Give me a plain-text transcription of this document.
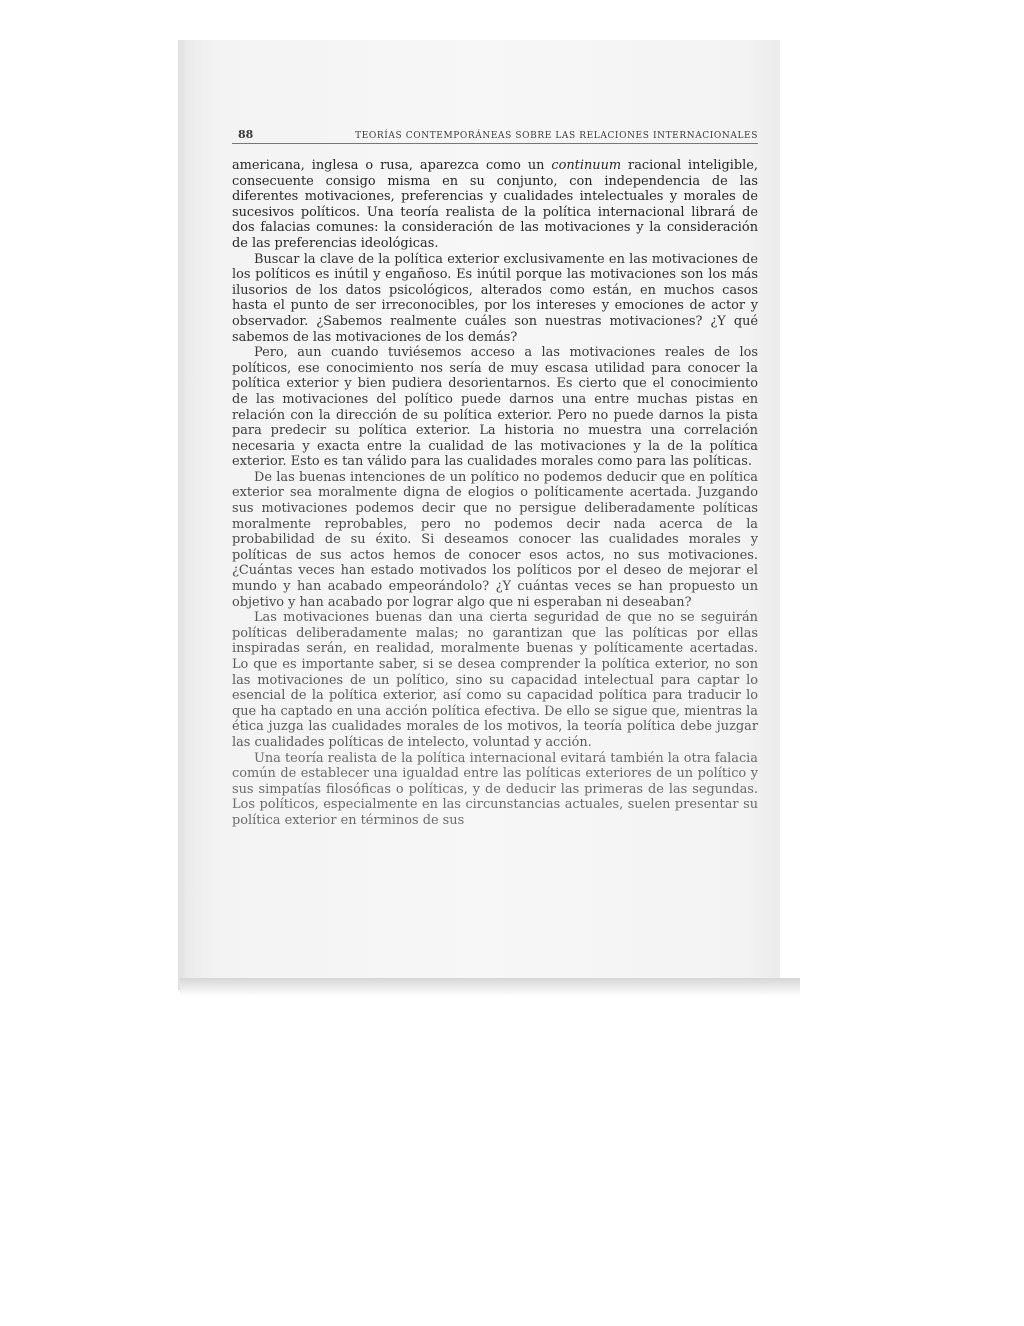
88	TEORÍAS CONTEMPORÁNEAS SOBRE LAS RELACIONES INTERNACIONALES

americana, inglesa o rusa, aparezca como un continuum racional inteligible, consecuente consigo misma en su conjunto, con independencia de las diferentes motivaciones, preferencias y cualidades intelectuales y morales de sucesivos políticos. Una teoría realista de la política internacional librará de dos falacias comunes: la consideración de las motivaciones y la consideración de las preferencias ideológicas.

Buscar la clave de la política exterior exclusivamente en las motivaciones de los políticos es inútil y engañoso. Es inútil porque las motivaciones son los más ilusorios de los datos psicológicos, alterados como están, en muchos casos hasta el punto de ser irreconocibles, por los intereses y emociones de actor y observador. ¿Sabemos realmente cuáles son nuestras motivaciones? ¿Y qué sabemos de las motivaciones de los demás?

Pero, aun cuando tuviésemos acceso a las motivaciones reales de los políticos, ese conocimiento nos sería de muy escasa utilidad para conocer la política exterior y bien pudiera desorientarnos. Es cierto que el conocimiento de las motivaciones del político puede darnos una entre muchas pistas en relación con la dirección de su política exterior. Pero no puede darnos la pista para predecir su política exterior. La historia no muestra una correlación necesaria y exacta entre la cualidad de las motivaciones y la de la política exterior. Esto es tan válido para las cualidades morales como para las políticas.

De las buenas intenciones de un político no podemos deducir que en política exterior sea moralmente digna de elogios o políticamente acertada. Juzgando sus motivaciones podemos decir que no persigue deliberadamente políticas moralmente reprobables, pero no podemos decir nada acerca de la probabilidad de su éxito. Si deseamos conocer las cualidades morales y políticas de sus actos hemos de conocer esos actos, no sus motivaciones. ¿Cuántas veces han estado motivados los políticos por el deseo de mejorar el mundo y han acabado empeorándolo? ¿Y cuántas veces se han propuesto un objetivo y han acabado por lograr algo que ni esperaban ni deseaban?

Las motivaciones buenas dan una cierta seguridad de que no se seguirán políticas deliberadamente malas; no garantizan que las políticas por ellas inspiradas serán, en realidad, moralmente buenas y políticamente acertadas. Lo que es importante saber, si se desea comprender la política exterior, no son las motivaciones de un político, sino su capacidad intelectual para captar lo esencial de la política exterior, así como su capacidad política para traducir lo que ha captado en una acción política efectiva. De ello se sigue que, mientras la ética juzga las cualidades morales de los motivos, la teoría política debe juzgar las cualidades políticas de intelecto, voluntad y acción.

Una teoría realista de la política internacional evitará también la otra falacia común de establecer una igualdad entre las políticas exteriores de un político y sus simpatías filosóficas o políticas, y de deducir las primeras de las segundas. Los políticos, especialmente en las circunstancias actuales, suelen presentar su política exterior en términos de sus
